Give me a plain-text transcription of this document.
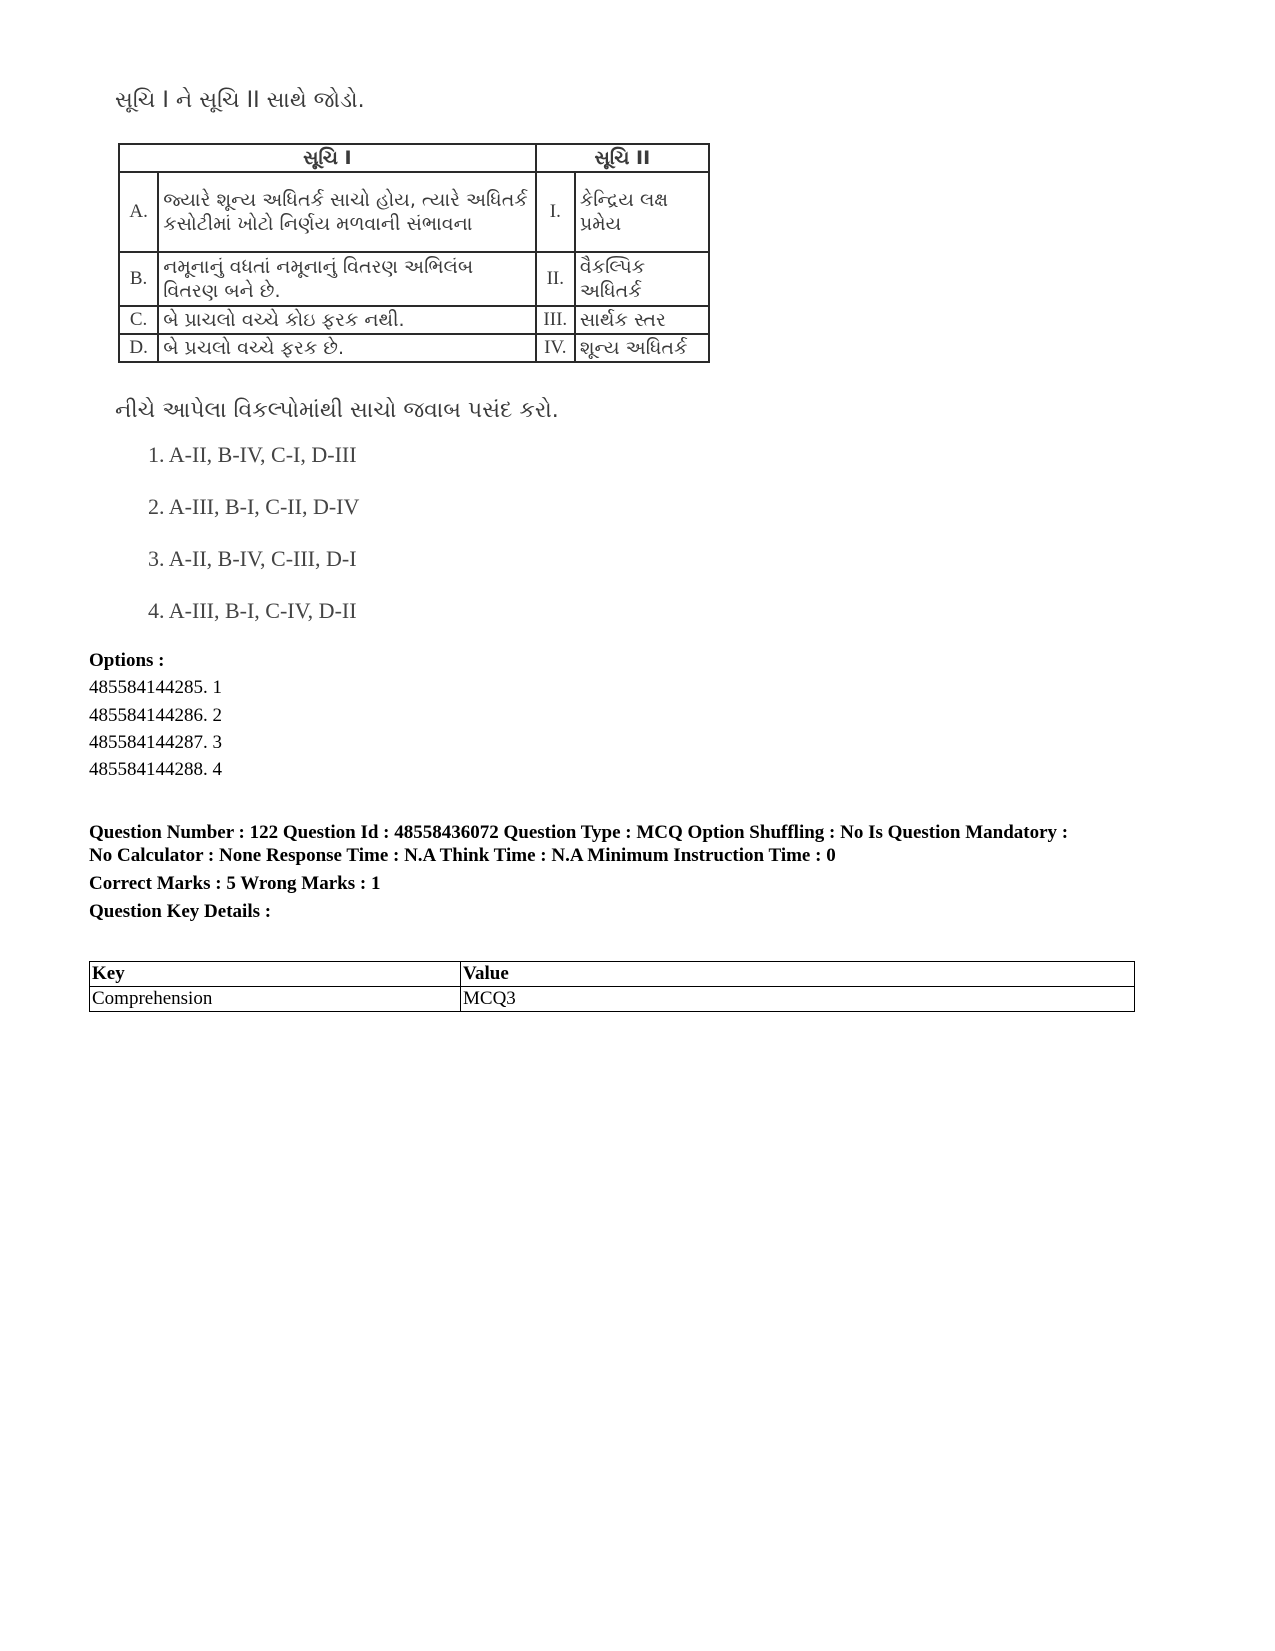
સૂચિ I ને સૂચિ II સાથે જોડો.
સૂચિ I		સૂચિ II	
A.	જ્યારે શૂન્ય અધિતર્ક સાચો હોય, ત્યારે અધિતર્ક કસોટીમાં ખોટો નિર્ણય મળવાની સંભાવના	I.	કેન્દ્રિય લક્ષ પ્રમેય
B.	નમૂનાનું વધતાં નમૂનાનું વિતરણ અભિલંબ વિતરણ બને છે.	II.	વૈકલ્પિક અધિતર્ક
C.	બે પ્રાચલો વચ્ચે કોઇ ફરક નથી.	III.	સાર્થક સ્તર
D.	બે પ્રચલો વચ્ચે ફરક છે.	IV.	શૂન્ય અધિતર્ક
નીચે આપેલા વિકલ્પોમાંથી સાચો જવાબ પસંદ કરો.
1. A-II, B-IV, C-I, D-III
2. A-III, B-I, C-II, D-IV
3. A-II, B-IV, C-III, D-I
4. A-III, B-I, C-IV, D-II
Options :
485584144285. 1
485584144286. 2
485584144287. 3
485584144288. 4
Question Number : 122 Question Id : 48558436072 Question Type : MCQ Option Shuffling : No Is Question Mandatory :
No Calculator : None Response Time : N.A Think Time : N.A Minimum Instruction Time : 0
Correct Marks : 5 Wrong Marks : 1
Question Key Details :
Key	Value
Comprehension	MCQ3
